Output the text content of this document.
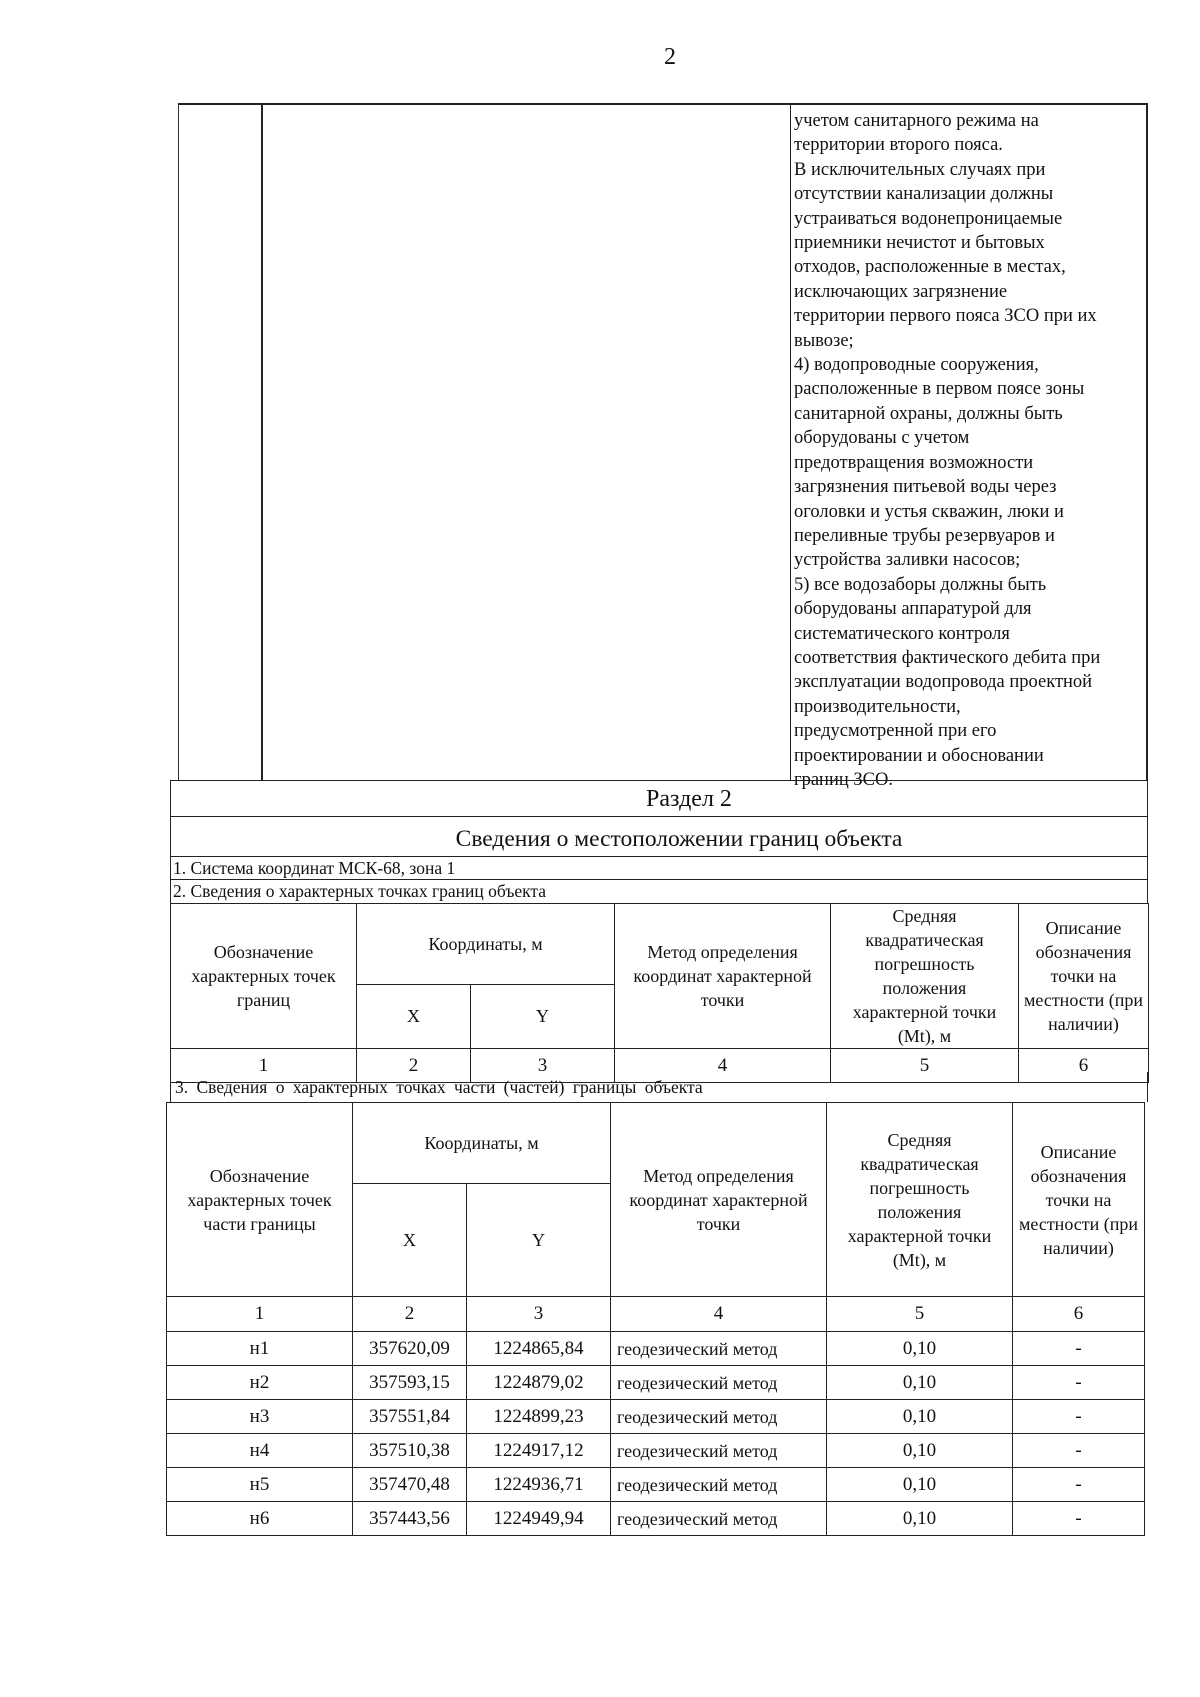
2
учетом санитарного режима на
территории второго пояса.
В исключительных случаях при
отсутствии канализации должны
устраиваться водонепроницаемые
приемники нечистот и бытовых
отходов, расположенные в местах,
исключающих загрязнение
территории первого пояса ЗСО при их
вывозе;
4) водопроводные сооружения,
расположенные в первом поясе зоны
санитарной охраны, должны быть
оборудованы с учетом
предотвращения возможности
загрязнения питьевой воды через
оголовки и устья скважин, люки и
переливные трубы резервуаров и
устройства заливки насосов;
5) все водозаборы должны быть
оборудованы аппаратурой для
систематического контроля
соответствия фактического дебита при
эксплуатации водопровода проектной
производительности,
предусмотренной при его
проектировании и обосновании
границ ЗСО.
Раздел 2
Сведения о местоположении границ объекта
1. Система координат МСК-68, зона 1
2. Сведения о характерных точках границ объекта
Обозначение характерных точек границ	Координаты, м		Метод определения координат характерной точки	Средняя квадратическая погрешность положения характерной точки (Mt), м	Описание обозначения точки на местности (при наличии)
	X	Y			
1	2	3	4	5	6
3. Сведения о характерных точках части (частей) границы объекта
Обозначение характерных точек части границы	Координаты, м		Метод определения координат характерной точки	Средняя квадратическая погрешность положения характерной точки (Mt), м	Описание обозначения точки на местности (при наличии)
	X	Y			
1	2	3	4	5	6
н1	357620,09	1224865,84	геодезический метод	0,10	-
н2	357593,15	1224879,02	геодезический метод	0,10	-
н3	357551,84	1224899,23	геодезический метод	0,10	-
н4	357510,38	1224917,12	геодезический метод	0,10	-
н5	357470,48	1224936,71	геодезический метод	0,10	-
н6	357443,56	1224949,94	геодезический метод	0,10	-
